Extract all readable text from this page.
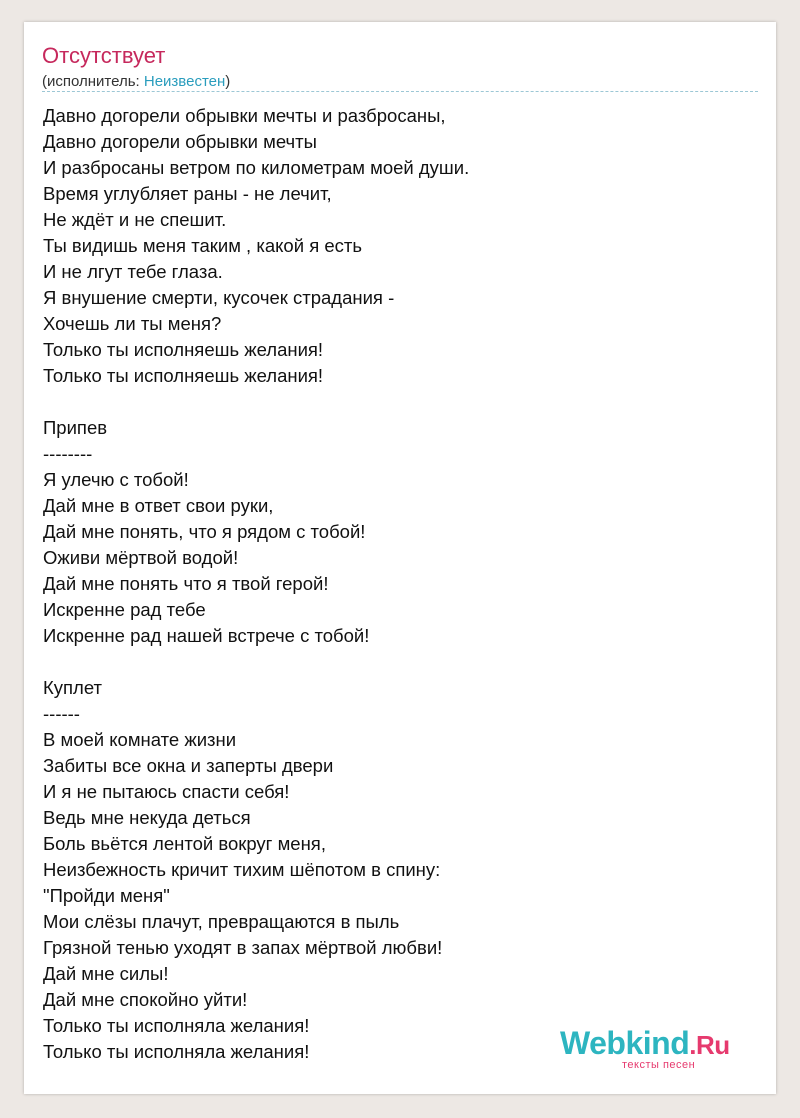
Отсутствует
(исполнитель: Неизвестен)
Давно догорели обрывки мечты и разбросаны,
Давно догорели обрывки мечты
И разбросаны ветром по километрам моей души.
Время углубляет раны - не лечит,
Не ждёт и не спешит.
Ты видишь меня таким , какой я есть
И не лгут тебе глаза.
Я внушение смерти, кусочек страдания -
Хочешь ли ты меня?
Только ты исполняешь желания!
Только ты исполняешь желания!
Припев
--------
Я улечю с тобой!
Дай мне в ответ свои руки,
Дай мне понять, что я рядом с тобой!
Оживи мёртвой водой!
Дай мне понять что я твой герой!
Искренне рад тебе
Искренне рад нашей встрече с тобой!
Куплет
------
В моей комнате жизни
Забиты все окна и заперты двери
И я не пытаюсь спасти себя!
Ведь мне некуда деться
Боль вьётся лентой вокруг меня,
Неизбежность кричит тихим шёпотом в спину:
"Пройди меня"
Мои слёзы плачут, превращаются в пыль
Грязной тенью уходят в запах мёртвой любви!
Дай мне силы!
Дай мне спокойно уйти!
Только ты исполняла желания!
Только ты исполняла желания!	Webkind.Ru
тексты песен
